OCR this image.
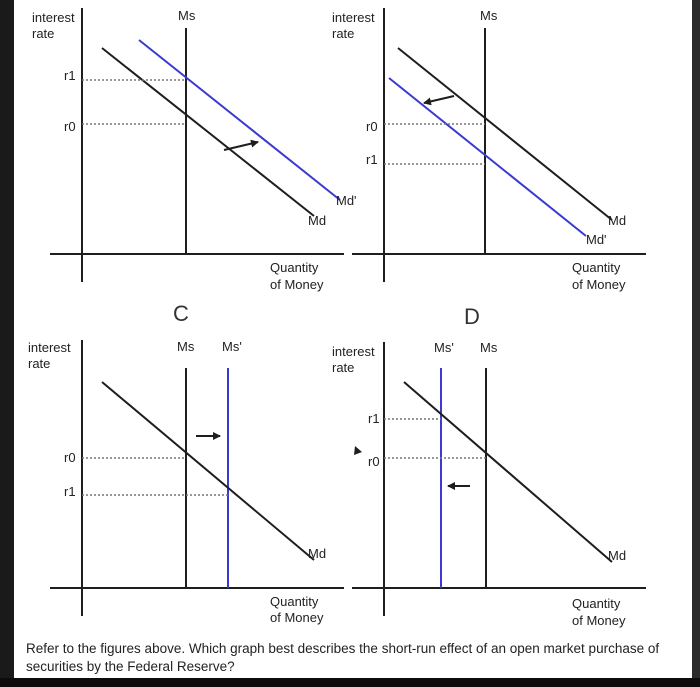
interest
rate
Ms
r1
r0
Md
Quantity
of Money
interest
rate
Ms
r0
r1
Md'
Md
Md'
Quantity
of Money
C
interest
rate
Ms Ms'
r0
r1
Md
Quantity
of Money
D
interest
rate
Ms' Ms
r1
r0
Md
Quantity
of Money
Refer to the figures above. Which graph best describes the short-run effect of an open market purchase of securities by the Federal Reserve?
